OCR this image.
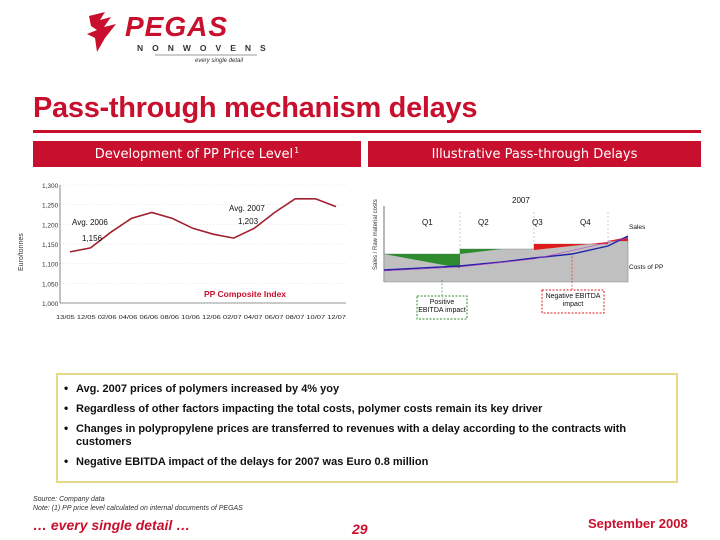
PEGAS
NONWOVENS
every single detail
Pass-through mechanism delays
Development of PP Price Level$^1$	Illustrative Pass-through Delays
1,300
1,250
1,200
1,150
1,100
1,050
1,000
Euro/tonnes
13/05 12/05 02/06 04/06 06/06 08/06 10/06 12/06 02/07 04/07 06/07 08/07 10/07 12/07
Avg. 2006
1,156
Avg. 2007
1,203
PP Composite Index
2007
Sales / Raw material costs	Q1	Q2	Q3	Q4
Sales
Costs of PP
Positive EBITDA impact
Negative EBITDA impact
• Avg. 2007 prices of polymers increased by 4% yoy
• Regardless of other factors impacting the total costs, polymer costs remain its key driver
• Changes in polypropylene prices are transferred to revenues with a delay according to the contracts with customers
• Negative EBITDA impact of the delays for 2007 was Euro 0.8 million
Source: Company data
Note: (1) PP price level calculated on internal documents of PEGAS
… every single detail …	29	September 2008
